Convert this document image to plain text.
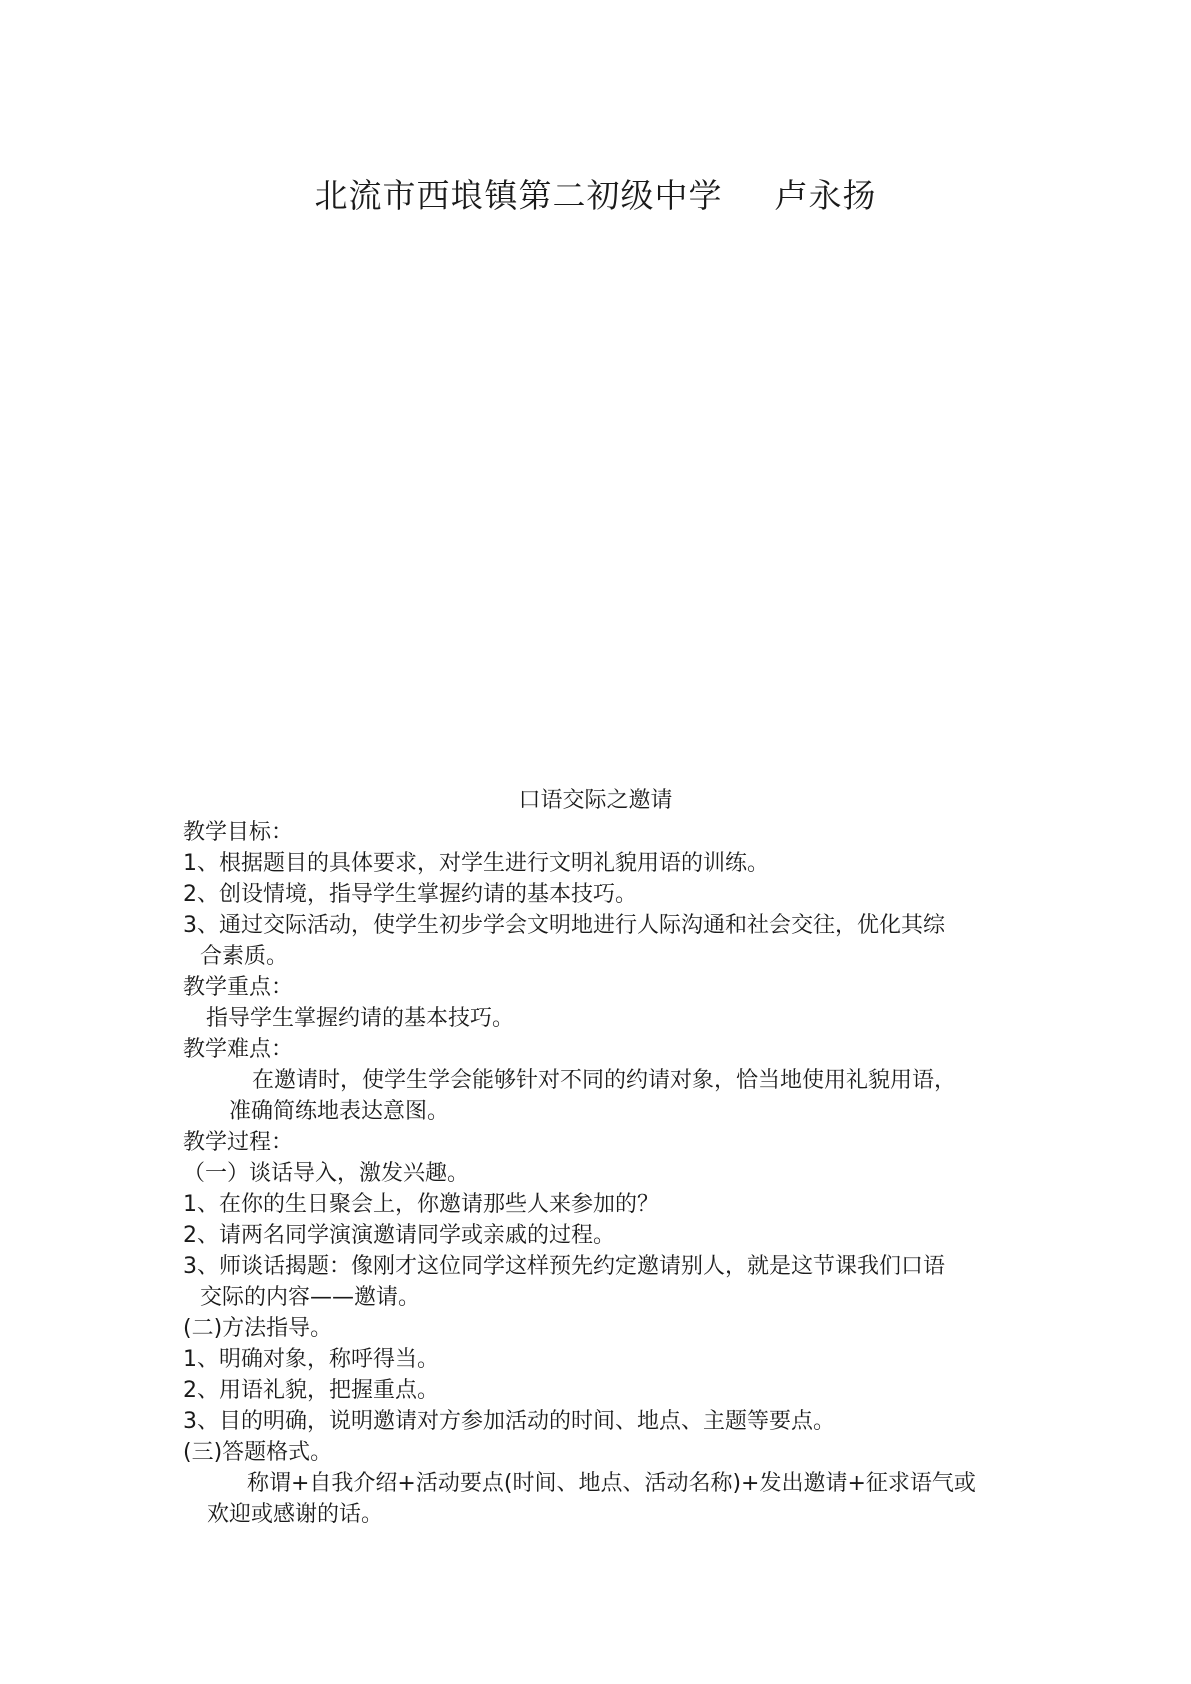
北流市西埌镇第二初级中学 卢永扬
口语交际之邀请
教学目标：
1、根据题目的具体要求，对学生进行文明礼貌用语的训练。
2、创设情境，指导学生掌握约请的基本技巧。
3、通过交际活动，使学生初步学会文明地进行人际沟通和社会交往，优化其综
合素质。
教学重点：
指导学生掌握约请的基本技巧。
教学难点：
在邀请时，使学生学会能够针对不同的约请对象，恰当地使用礼貌用语，
准确简练地表达意图。
教学过程：
（一）谈话导入，激发兴趣。
1、在你的生日聚会上，你邀请那些人来参加的？
2、请两名同学演演邀请同学或亲戚的过程。
3、师谈话揭题：像刚才这位同学这样预先约定邀请别人，就是这节课我们口语
交际的内容——邀请。
(二)方法指导。
1、明确对象，称呼得当。
2、用语礼貌，把握重点。
3、目的明确，说明邀请对方参加活动的时间、地点、主题等要点。
(三)答题格式。
称谓+自我介绍+活动要点(时间、地点、活动名称)+发出邀请+征求语气或
欢迎或感谢的话。
